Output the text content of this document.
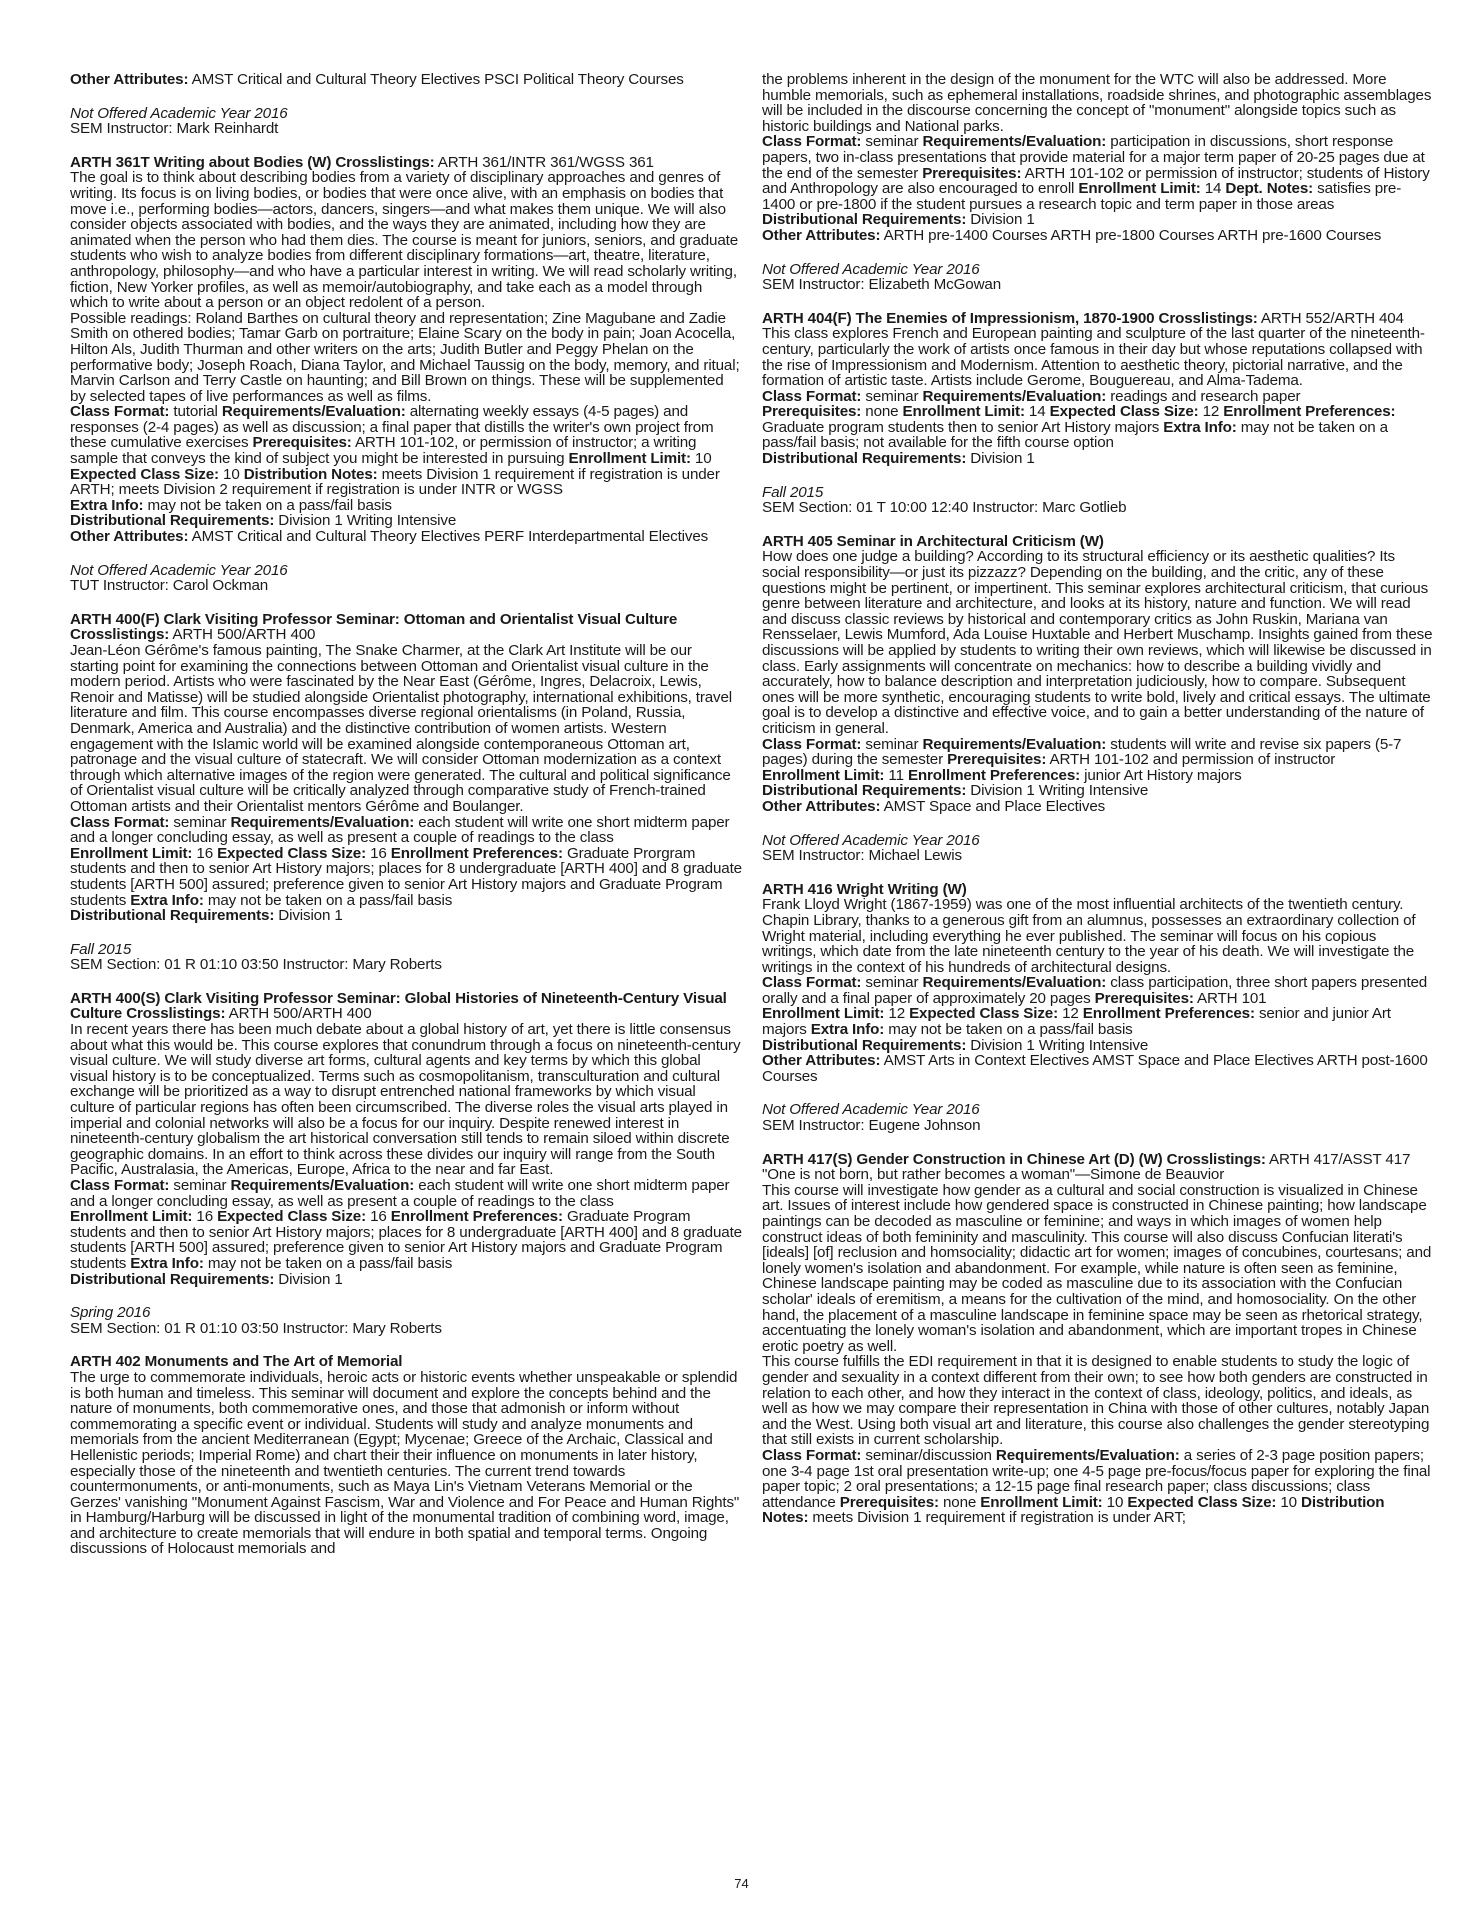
Other Attributes: AMST Critical and Cultural Theory Electives PSCI Political Theory Courses

Not Offered Academic Year 2016

SEM Instructor: Mark Reinhardt

ARTH 361T Writing about Bodies (W) Crosslistings: ARTH 361/INTR 361/WGSS 361

The goal is to think about describing bodies from a variety of disciplinary approaches and genres of writing. Its focus is on living bodies, or bodies that were once alive, with an emphasis on bodies that move i.e., performing bodies—actors, dancers, singers—and what makes them unique. We will also consider objects associated with bodies, and the ways they are animated, including how they are animated when the person who had them dies. The course is meant for juniors, seniors, and graduate students who wish to analyze bodies from different disciplinary formations—art, theatre, literature, anthropology, philosophy—and who have a particular interest in writing. We will read scholarly writing, fiction, New Yorker profiles, as well as memoir/autobiography, and take each as a model through which to write about a person or an object redolent of a person.

Possible readings: Roland Barthes on cultural theory and representation; Zine Magubane and Zadie Smith on othered bodies; Tamar Garb on portraiture; Elaine Scary on the body in pain; Joan Acocella, Hilton Als, Judith Thurman and other writers on the arts; Judith Butler and Peggy Phelan on the performative body; Joseph Roach, Diana Taylor, and Michael Taussig on the body, memory, and ritual; Marvin Carlson and Terry Castle on haunting; and Bill Brown on things. These will be supplemented by selected tapes of live performances as well as films.

Class Format: tutorial Requirements/Evaluation: alternating weekly essays (4-5 pages) and responses (2-4 pages) as well as discussion; a final paper that distills the writer's own project from these cumulative exercises Prerequisites: ARTH 101-102, or permission of instructor; a writing sample that conveys the kind of subject you might be interested in pursuing Enrollment Limit: 10 Expected Class Size: 10 Distribution Notes: meets Division 1 requirement if registration is under ARTH; meets Division 2 requirement if registration is under INTR or WGSS

Extra Info: may not be taken on a pass/fail basis

Distributional Requirements: Division 1 Writing Intensive

Other Attributes: AMST Critical and Cultural Theory Electives PERF Interdepartmental Electives

Not Offered Academic Year 2016

TUT Instructor: Carol Ockman

ARTH 400(F) Clark Visiting Professor Seminar: Ottoman and Orientalist Visual Culture

Crosslistings: ARTH 500/ARTH 400

Jean-Léon Gérôme's famous painting, The Snake Charmer, at the Clark Art Institute will be our starting point for examining the connections between Ottoman and Orientalist visual culture in the modern period. Artists who were fascinated by the Near East (Gérôme, Ingres, Delacroix, Lewis, Renoir and Matisse) will be studied alongside Orientalist photography, international exhibitions, travel literature and film. This course encompasses diverse regional orientalisms (in Poland, Russia, Denmark, America and Australia) and the distinctive contribution of women artists. Western engagement with the Islamic world will be examined alongside contemporaneous Ottoman art, patronage and the visual culture of statecraft. We will consider Ottoman modernization as a context through which alternative images of the region were generated. The cultural and political significance of Orientalist visual culture will be critically analyzed through comparative study of French-trained Ottoman artists and their Orientalist mentors Gérôme and Boulanger.

Class Format: seminar Requirements/Evaluation: each student will write one short midterm paper and a longer concluding essay, as well as present a couple of readings to the class

Enrollment Limit: 16 Expected Class Size: 16 Enrollment Preferences: Graduate Prorgram students and then to senior Art History majors; places for 8 undergraduate [ARTH 400] and 8 graduate students [ARTH 500] assured; preference given to senior Art History majors and Graduate Program students Extra Info: may not be taken on a pass/fail basis

Distributional Requirements: Division 1

Fall 2015

SEM Section: 01 R 01:10 03:50 Instructor: Mary Roberts

ARTH 400(S) Clark Visiting Professor Seminar: Global Histories of Nineteenth-Century Visual Culture Crosslistings: ARTH 500/ARTH 400

In recent years there has been much debate about a global history of art, yet there is little consensus about what this would be. This course explores that conundrum through a focus on nineteenth-century visual culture. We will study diverse art forms, cultural agents and key terms by which this global visual history is to be conceptualized. Terms such as cosmopolitanism, transculturation and cultural exchange will be prioritized as a way to disrupt entrenched national frameworks by which visual culture of particular regions has often been circumscribed. The diverse roles the visual arts played in imperial and colonial networks will also be a focus for our inquiry. Despite renewed interest in nineteenth-century globalism the art historical conversation still tends to remain siloed within discrete geographic domains. In an effort to think across these divides our inquiry will range from the South Pacific, Australasia, the Americas, Europe, Africa to the near and far East.

Class Format: seminar Requirements/Evaluation: each student will write one short midterm paper and a longer concluding essay, as well as present a couple of readings to the class

Enrollment Limit: 16 Expected Class Size: 16 Enrollment Preferences: Graduate Program students and then to senior Art History majors; places for 8 undergraduate [ARTH 400] and 8 graduate students [ARTH 500] assured; preference given to senior Art History majors and Graduate Program students Extra Info: may not be taken on a pass/fail basis

Distributional Requirements: Division 1

Spring 2016

SEM Section: 01 R 01:10 03:50 Instructor: Mary Roberts

ARTH 402 Monuments and The Art of Memorial

The urge to commemorate individuals, heroic acts or historic events whether unspeakable or splendid is both human and timeless. This seminar will document and explore the concepts behind and the nature of monuments, both commemorative ones, and those that admonish or inform without commemorating a specific event or individual. Students will study and analyze monuments and memorials from the ancient Mediterranean (Egypt; Mycenae; Greece of the Archaic, Classical and Hellenistic periods; Imperial Rome) and chart their their influence on monuments in later history, especially those of the nineteenth and twentieth centuries. The current trend towards countermonuments, or anti-monuments, such as Maya Lin's Vietnam Veterans Memorial or the Gerzes' vanishing "Monument Against Fascism, War and Violence and For Peace and Human Rights" in Hamburg/Harburg will be discussed in light of the monumental tradition of combining word, image, and architecture to create memorials that will endure in both spatial and temporal terms. Ongoing discussions of Holocaust memorials and

the problems inherent in the design of the monument for the WTC will also be addressed. More humble memorials, such as ephemeral installations, roadside shrines, and photographic assemblages will be included in the discourse concerning the concept of "monument" alongside topics such as historic buildings and National parks.

Class Format: seminar Requirements/Evaluation: participation in discussions, short response papers, two in-class presentations that provide material for a major term paper of 20-25 pages due at the end of the semester Prerequisites: ARTH 101-102 or permission of instructor; students of History and Anthropology are also encouraged to enroll Enrollment Limit: 14 Dept. Notes: satisfies pre-1400 or pre-1800 if the student pursues a research topic and term paper in those areas

Distributional Requirements: Division 1

Other Attributes: ARTH pre-1400 Courses ARTH pre-1800 Courses ARTH pre-1600 Courses

Not Offered Academic Year 2016

SEM Instructor: Elizabeth McGowan

ARTH 404(F) The Enemies of Impressionism, 1870-1900 Crosslistings: ARTH 552/ARTH 404

This class explores French and European painting and sculpture of the last quarter of the nineteenth-century, particularly the work of artists once famous in their day but whose reputations collapsed with the rise of Impressionism and Modernism. Attention to aesthetic theory, pictorial narrative, and the formation of artistic taste. Artists include Gerome, Bouguereau, and Alma-Tadema.

Class Format: seminar Requirements/Evaluation: readings and research paper

Prerequisites: none Enrollment Limit: 14 Expected Class Size: 12 Enrollment Preferences: Graduate program students then to senior Art History majors Extra Info: may not be taken on a pass/fail basis; not available for the fifth course option

Distributional Requirements: Division 1

Fall 2015

SEM Section: 01 T 10:00 12:40 Instructor: Marc Gotlieb

ARTH 405 Seminar in Architectural Criticism (W)

How does one judge a building? According to its structural efficiency or its aesthetic qualities? Its social responsibility—or just its pizzazz? Depending on the building, and the critic, any of these questions might be pertinent, or impertinent. This seminar explores architectural criticism, that curious genre between literature and architecture, and looks at its history, nature and function. We will read and discuss classic reviews by historical and contemporary critics as John Ruskin, Mariana van Rensselaer, Lewis Mumford, Ada Louise Huxtable and Herbert Muschamp. Insights gained from these discussions will be applied by students to writing their own reviews, which will likewise be discussed in class. Early assignments will concentrate on mechanics: how to describe a building vividly and accurately, how to balance description and interpretation judiciously, how to compare. Subsequent ones will be more synthetic, encouraging students to write bold, lively and critical essays. The ultimate goal is to develop a distinctive and effective voice, and to gain a better understanding of the nature of criticism in general.

Class Format: seminar Requirements/Evaluation: students will write and revise six papers (5-7 pages) during the semester Prerequisites: ARTH 101-102 and permission of instructor

Enrollment Limit: 11 Enrollment Preferences: junior Art History majors

Distributional Requirements: Division 1 Writing Intensive

Other Attributes: AMST Space and Place Electives

Not Offered Academic Year 2016

SEM Instructor: Michael Lewis

ARTH 416 Wright Writing (W)

Frank Lloyd Wright (1867-1959) was one of the most influential architects of the twentieth century. Chapin Library, thanks to a generous gift from an alumnus, possesses an extraordinary collection of Wright material, including everything he ever published. The seminar will focus on his copious writings, which date from the late nineteenth century to the year of his death. We will investigate the writings in the context of his hundreds of architectural designs.

Class Format: seminar Requirements/Evaluation: class participation, three short papers presented orally and a final paper of approximately 20 pages Prerequisites: ARTH 101

Enrollment Limit: 12 Expected Class Size: 12 Enrollment Preferences: senior and junior Art majors Extra Info: may not be taken on a pass/fail basis

Distributional Requirements: Division 1 Writing Intensive

Other Attributes: AMST Arts in Context Electives AMST Space and Place Electives ARTH post-1600 Courses

Not Offered Academic Year 2016

SEM Instructor: Eugene Johnson

ARTH 417(S) Gender Construction in Chinese Art (D) (W) Crosslistings: ARTH 417/ASST 417

"One is not born, but rather becomes a woman"—Simone de Beauvior

This course will investigate how gender as a cultural and social construction is visualized in Chinese art. Issues of interest include how gendered space is constructed in Chinese painting; how landscape paintings can be decoded as masculine or feminine; and ways in which images of women help construct ideas of both femininity and masculinity. This course will also discuss Confucian literati's [ideals] [of] reclusion and homsociality; didactic art for women; images of concubines, courtesans; and lonely women's isolation and abandonment. For example, while nature is often seen as feminine, Chinese landscape painting may be coded as masculine due to its association with the Confucian scholar' ideals of eremitism, a means for the cultivation of the mind, and homosociality. On the other hand, the placement of a masculine landscape in feminine space may be seen as rhetorical strategy, accentuating the lonely woman's isolation and abandonment, which are important tropes in Chinese erotic poetry as well.

This course fulfills the EDI requirement in that it is designed to enable students to study the logic of gender and sexuality in a context different from their own; to see how both genders are constructed in relation to each other, and how they interact in the context of class, ideology, politics, and ideals, as well as how we may compare their representation in China with those of other cultures, notably Japan and the West. Using both visual art and literature, this course also challenges the gender stereotyping that still exists in current scholarship.

Class Format: seminar/discussion Requirements/Evaluation: a series of 2-3 page position papers; one 3-4 page 1st oral presentation write-up; one 4-5 page pre-focus/focus paper for exploring the final paper topic; 2 oral presentations; a 12-15 page final research paper; class discussions; class attendance Prerequisites: none Enrollment Limit: 10 Expected Class Size: 10 Distribution Notes: meets Division 1 requirement if registration is under ART;

74
